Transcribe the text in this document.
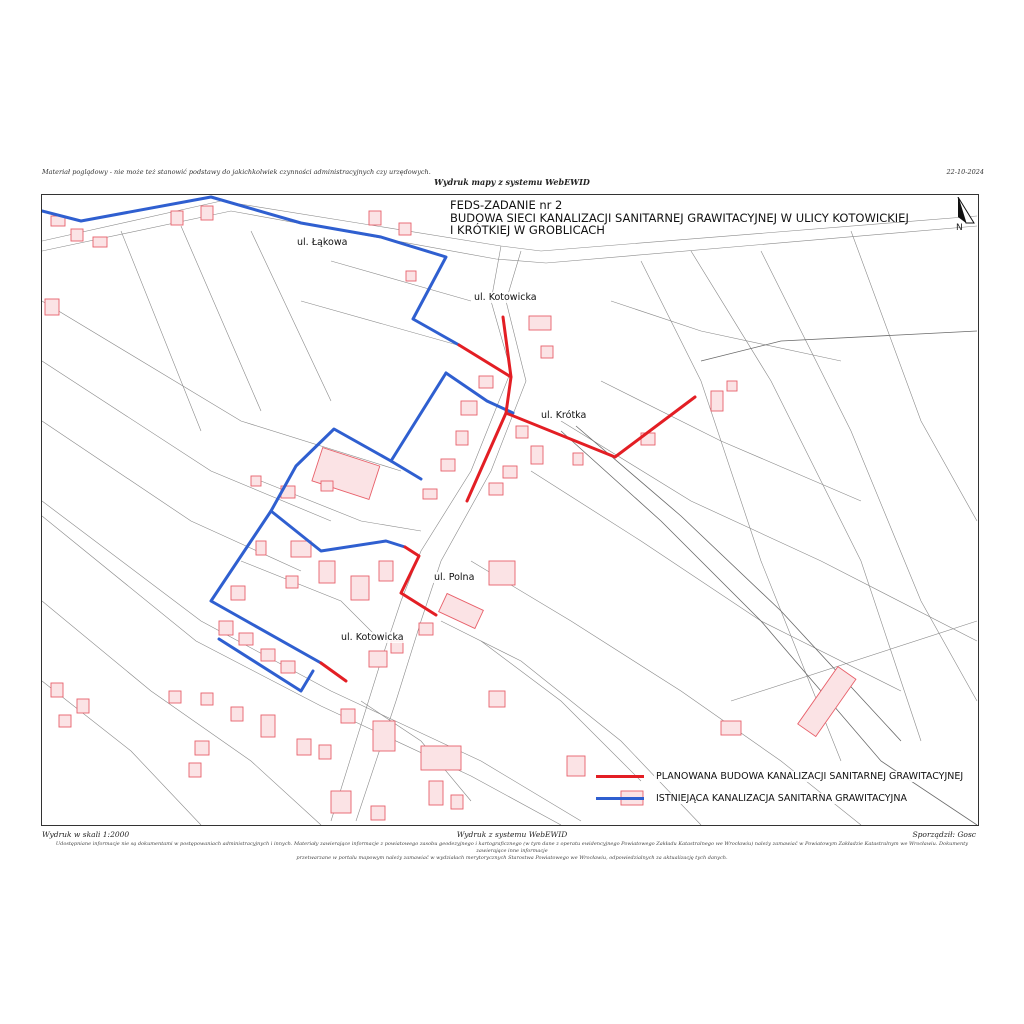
Materiał poglądowy - nie może też stanowić podstawy do jakichkolwiek czynności administracyjnych czy urzędowych.	22-10-2024
Wydruk mapy z systemu WebEWID
FEDS-ZADANIE nr 2
BUDOWA SIECI KANALIZACJI SANITARNEJ GRAWITACYJNEJ W ULICY KOTOWICKIEJ
I KRÓTKIEJ W GROBLICACH	N
ul. Łąkowa
ul. Kotowicka
ul. Krótka
ul. Polna
ul. Kotowicka
PLANOWANA BUDOWA KANALIZACJI SANITARNEJ GRAWITACYJNEJ
ISTNIEJĄCA KANALIZACJA SANITARNA GRAWITACYJNA
Wydruk w skali 1:2000	Wydruk z systemu WebEWID	Sporządził: Gosc
Udostępniane informacje nie są dokumentami w postępowaniach administracyjnych i innych. Materiały zawierające informacje z powiatowego zasobu geodezyjnego i kartograficznego (w tym dane z operatu ewidencyjnego Powiatowego Zakładu Katastralnego we Wrocławiu) należy zamawiać w Powiatowym Zakładzie Katastralnym we Wrocławiu. Dokumenty zawierające inne informacje
przetwarzane w portalu mapowym należy zamawiać w wydziałach merytorycznych Starostwa Powiatowego we Wrocławiu, odpowiedzialnych za aktualizację tych danych.
